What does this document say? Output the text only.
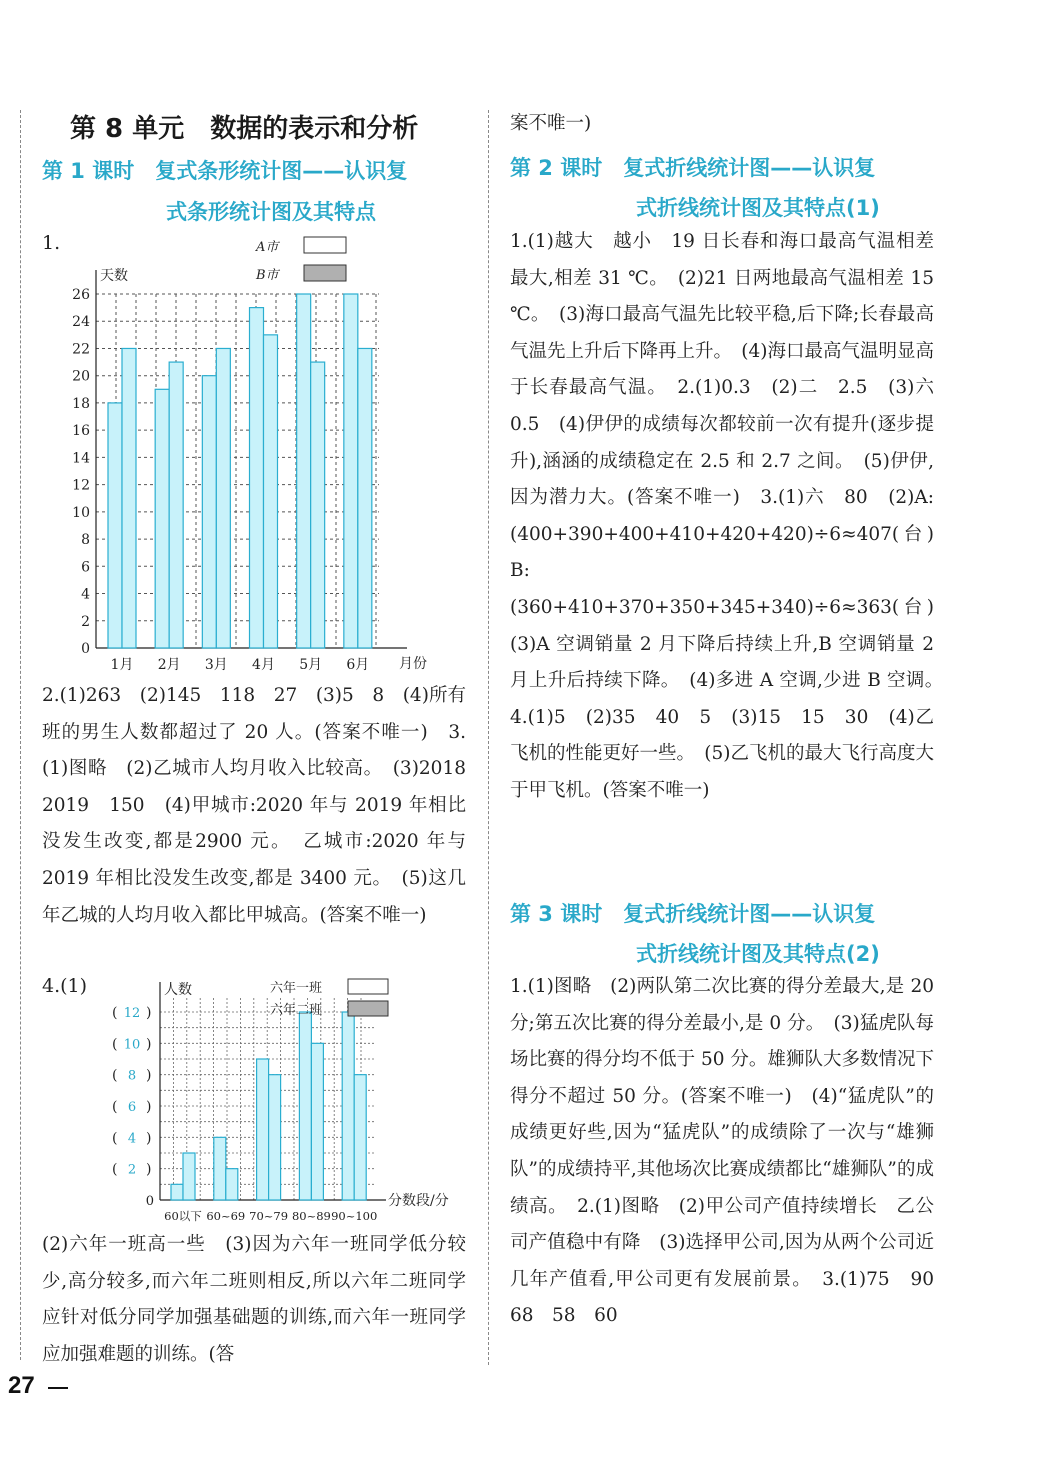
第 8 单元　数据的表示和分析
第 1 课时　复式条形统计图——认识复
式条形统计图及其特点
1.
0
2
4
6
8
10
12
14
16
18
20
22
24
26
天数
月份
1月 2月 3月 4月 5月 6月
A市
B市
2.(1)263　(2)145　118　27　(3)5　8　(4)所有班的男生人数都超过了 20 人。(答案不唯一)　3.(1)图略　(2)乙城市人均月收入比较高。　(3)2018　2019　150　(4)甲城市:2020 年与 2019 年相比没发生改变,都是2900 元。　乙城市:2020 年与 2019 年相比没发生改变,都是 3400 元。　(5)这几年乙城的人均月收入都比甲城高。(答案不唯一)
4.(1)
0
( 2 )
( 4 )
( 6 )
( 8 )
( 10 )
( 12 )
人数
分数段/分
60以下 60~69 70~79 80~89 90~100
六年一班
六年二班
(2)六年一班高一些　(3)因为六年一班同学低分较少,高分较多,而六年二班则相反,所以六年二班同学应针对低分同学加强基础题的训练,而六年一班同学应加强难题的训练。(答
案不唯一)
第 2 课时　复式折线统计图——认识复
式折线统计图及其特点(1)
1.(1)越大　越小　19 日长春和海口最高气温相差最大,相差 31 ℃。　(2)21 日两地最高气温相差 15 ℃。　(3)海口最高气温先比较平稳,后下降;长春最高气温先上升后下降再上升。　(4)海口最高气温明显高于长春最高气温。　2.(1)0.3　(2)二　2.5　(3)六　0.5　(4)伊伊的成绩每次都较前一次有提升(逐步提升),涵涵的成绩稳定在 2.5 和 2.7 之间。　(5)伊伊,因为潜力大。(答案不唯一)　3.(1)六　80　(2)A:(400+390+400+410+420+420)÷6≈407(台)　B:(360+410+370+350+345+340)÷6≈363(台)　(3)A 空调销量 2 月下降后持续上升,B 空调销量 2 月上升后持续下降。　(4)多进 A 空调,少进 B 空调。　4.(1)5　(2)35　40　5　(3)15　15　30　(4)乙飞机的性能更好一些。　(5)乙飞机的最大飞行高度大于甲飞机。(答案不唯一)
第 3 课时　复式折线统计图——认识复
式折线统计图及其特点(2)
1.(1)图略　(2)两队第二次比赛的得分差最大,是 20 分;第五次比赛的得分差最小,是 0 分。　(3)猛虎队每场比赛的得分均不低于 50 分。雄狮队大多数情况下得分不超过 50 分。(答案不唯一)　(4)“猛虎队”的成绩更好些,因为“猛虎队”的成绩除了一次与“雄狮队”的成绩持平,其他场次比赛成绩都比“雄狮队”的成绩高。　2.(1)图略　(2)甲公司产值持续增长　乙公司产值稳中有降　(3)选择甲公司,因为从两个公司近几年产值看,甲公司更有发展前景。　3.(1)75　90　68　58　60
27
